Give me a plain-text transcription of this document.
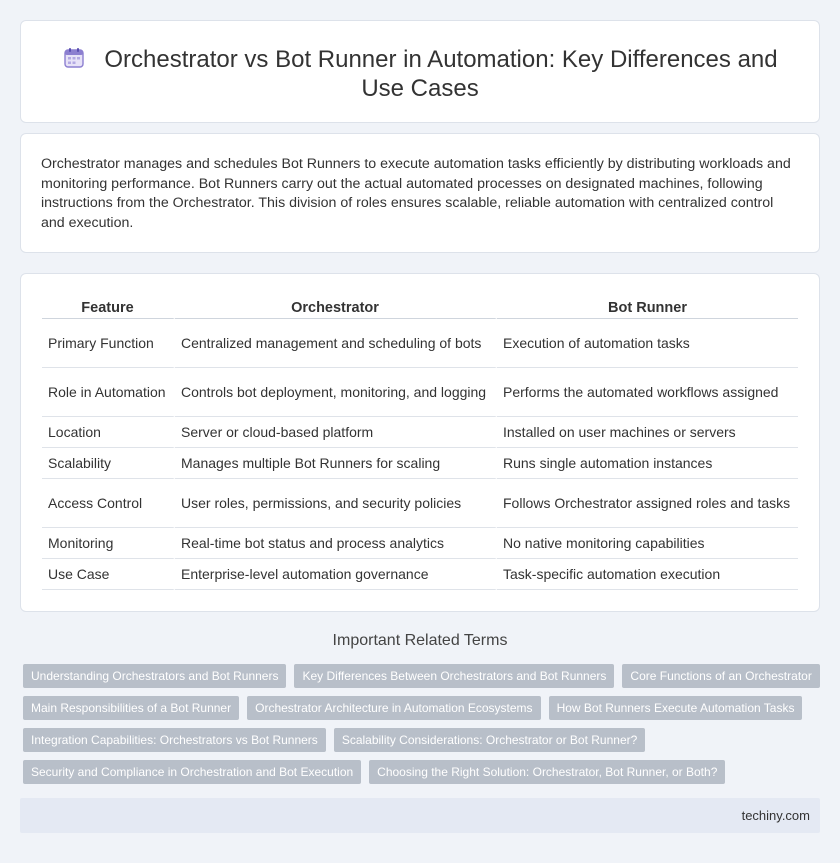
Orchestrator vs Bot Runner in Automation: Key Differences and Use Cases

Orchestrator manages and schedules Bot Runners to execute automation tasks efficiently by distributing workloads and monitoring performance. Bot Runners carry out the actual automated processes on designated machines, following instructions from the Orchestrator. This division of roles ensures scalable, reliable automation with centralized control and execution.

Feature	Orchestrator	Bot Runner
Primary Function	Centralized management and scheduling of bots	Execution of automation tasks
Role in Automation	Controls bot deployment, monitoring, and logging	Performs the automated workflows assigned
Location	Server or cloud-based platform	Installed on user machines or servers
Scalability	Manages multiple Bot Runners for scaling	Runs single automation instances
Access Control	User roles, permissions, and security policies	Follows Orchestrator assigned roles and tasks
Monitoring	Real-time bot status and process analytics	No native monitoring capabilities
Use Case	Enterprise-level automation governance	Task-specific automation execution
Important Related Terms
Understanding Orchestrators and Bot Runners	Key Differences Between Orchestrators and Bot Runners	Core Functions of an Orchestrator
Main Responsibilities of a Bot Runner	Orchestrator Architecture in Automation Ecosystems	How Bot Runners Execute Automation Tasks
Integration Capabilities: Orchestrators vs Bot Runners	Scalability Considerations: Orchestrator or Bot Runner?
Security and Compliance in Orchestration and Bot Execution	Choosing the Right Solution: Orchestrator, Bot Runner, or Both?
techiny.com
